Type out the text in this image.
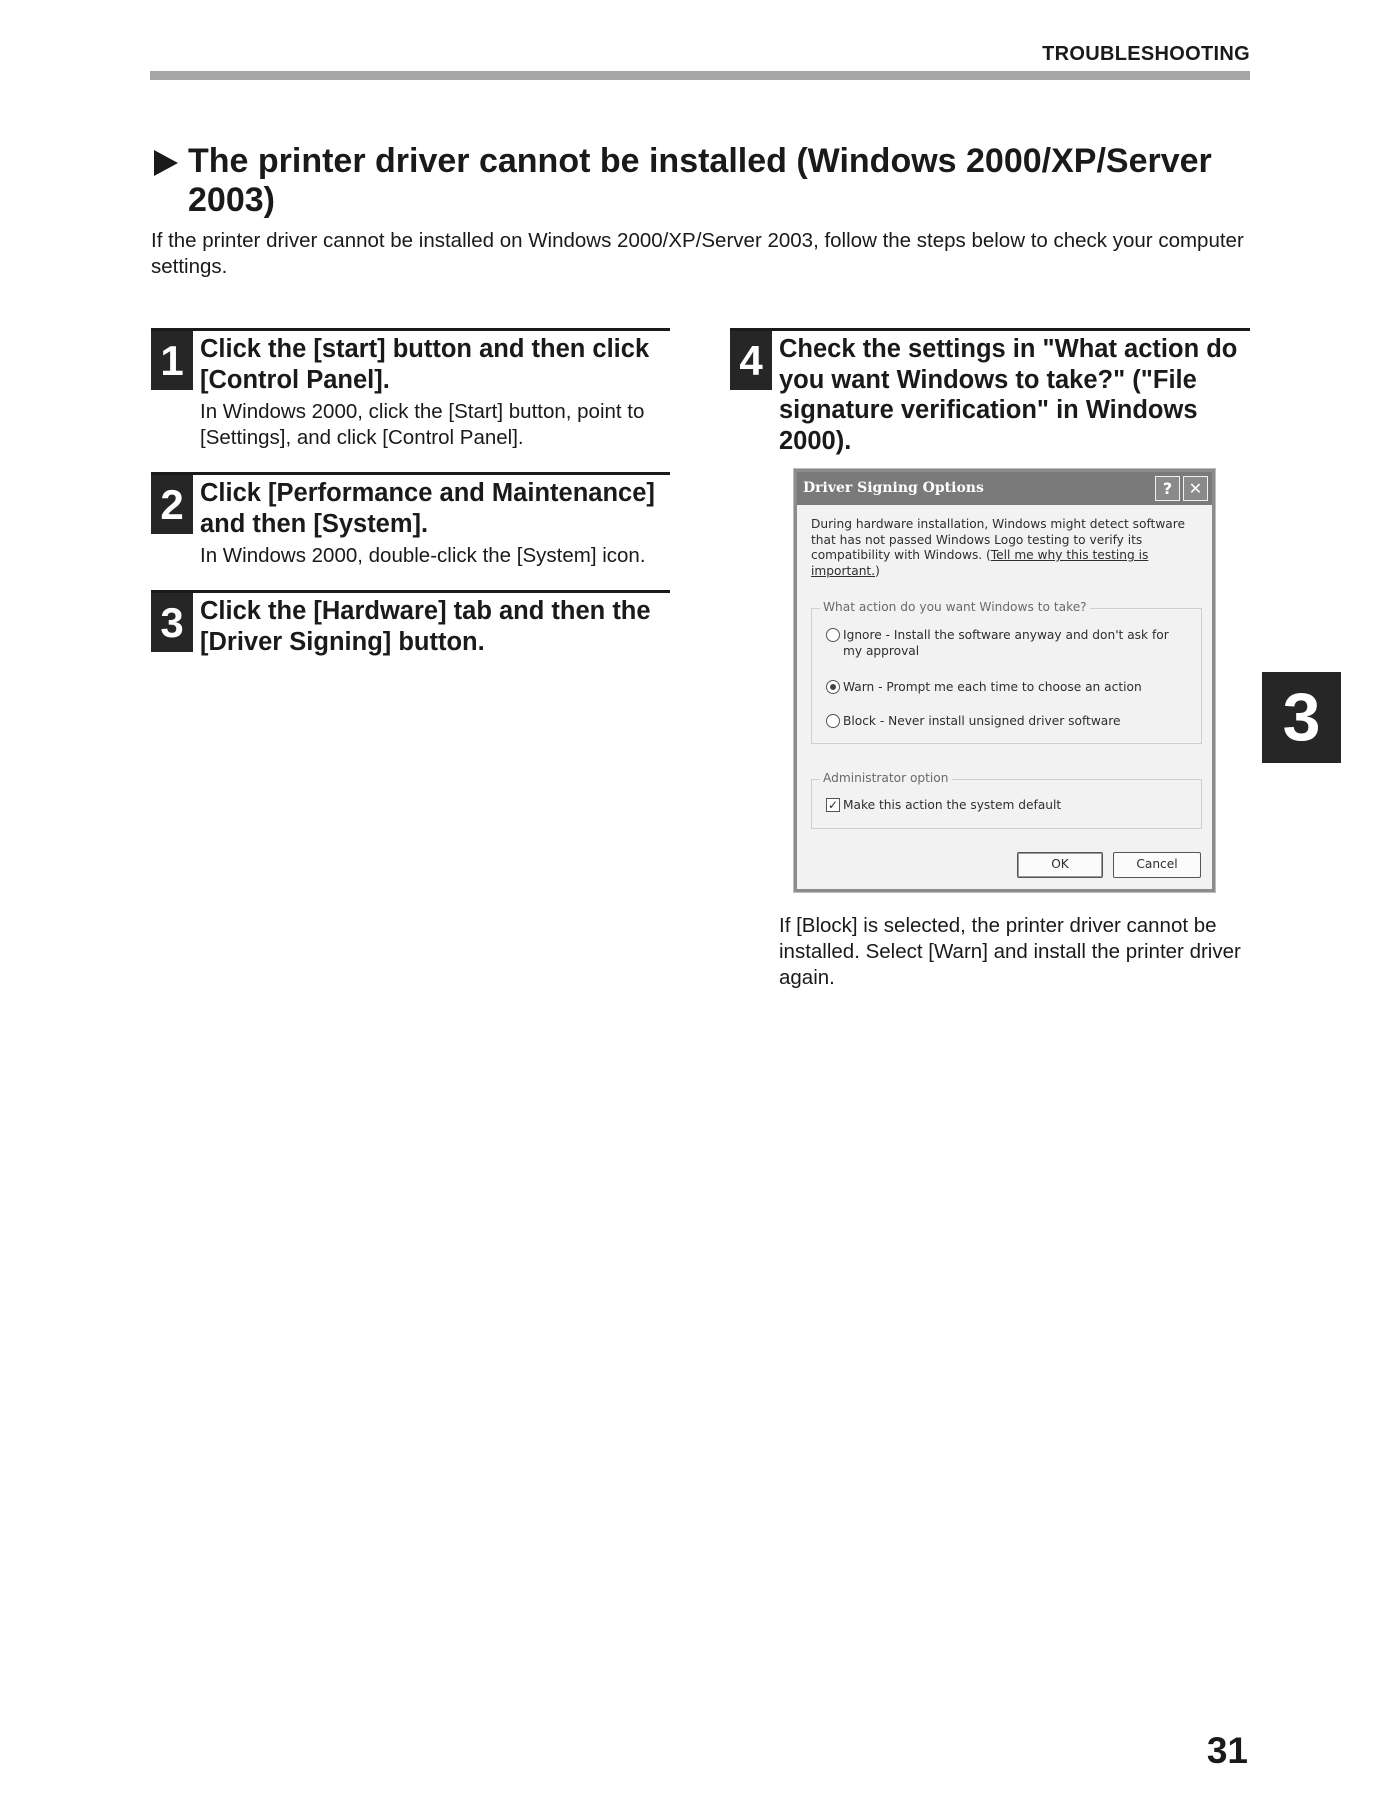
TROUBLESHOOTING
The printer driver cannot be installed (Windows 2000/XP/Server 2003)
If the printer driver cannot be installed on Windows 2000/XP/Server 2003, follow the steps below to check your computer settings.
1 Click the [start] button and then click [Control Panel].
In Windows 2000, click the [Start] button, point to [Settings], and click [Control Panel].
2 Click [Performance and Maintenance] and then [System].
In Windows 2000, double-click the [System] icon.
3 Click the [Hardware] tab and then the [Driver Signing] button.
4 Check the settings in "What action do you want Windows to take?" ("File signature verification" in Windows 2000).
Driver Signing Options	?	✕
During hardware installation, Windows might detect software that has not passed Windows Logo testing to verify its compatibility with Windows. (Tell me why this testing is important.)
What action do you want Windows to take?
Ignore - Install the software anyway and don't ask for my approval
Warn - Prompt me each time to choose an action
Block - Never install unsigned driver software
Administrator option
✓ Make this action the system default
OK	Cancel
If [Block] is selected, the printer driver cannot be installed. Select [Warn] and install the printer driver again.
3
31
